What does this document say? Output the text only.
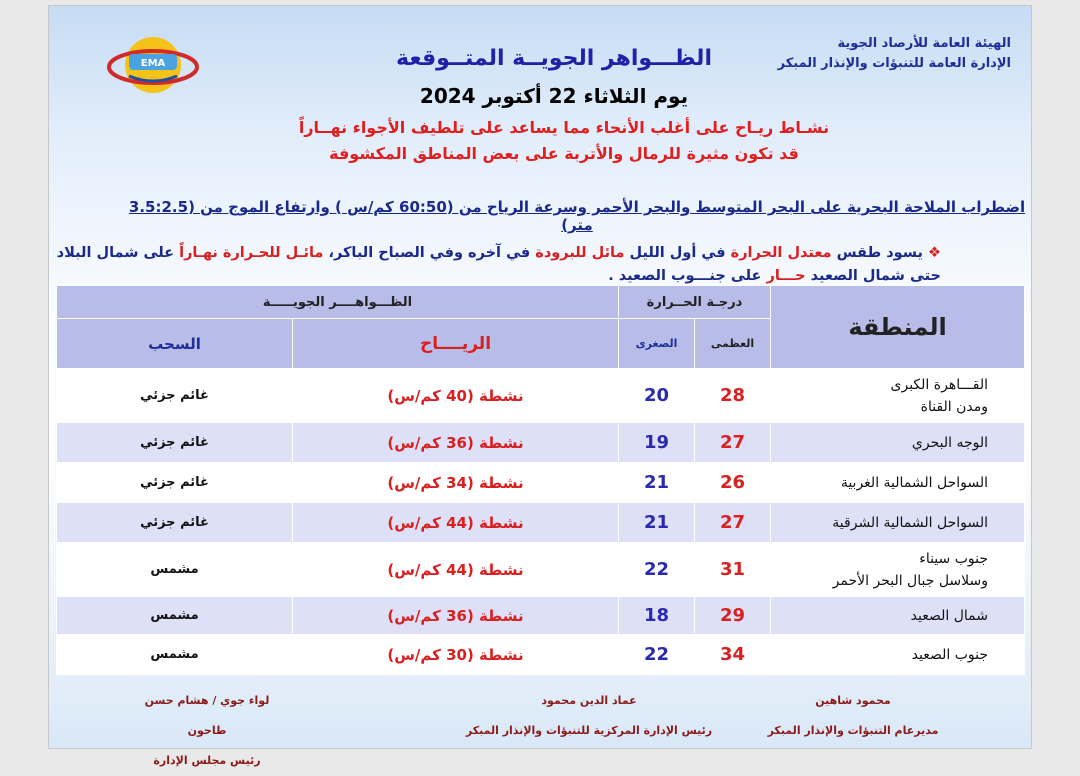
EMA
الهيئة العامة للأرصاد الجوية
الإدارة العامة للتنبؤات والإنذار المبكر
الظـــواهر الجويــة المتــوقعة
يوم الثلاثاء 22 أكتوبر 2024
نشـاط ريـاح على أغلب الأنحاء مما يساعد على تلطيف الأجواء نهــاراً
قد تكون مثيرة للرمال والأتربة على بعض المناطق المكشوفة
اضطراب الملاحة البحرية على البحر المتوسط والبحر الأحمر وسرعة الرياح من (60:50 كم/س ) وارتفاع الموج من (3.5:2.5 متر)
❖ يسود طقس معتدل الحرارة في أول الليل مائل للبرودة في آخره وفي الصباح الباكر، مائـل للحـرارة نهـاراً على شمال البلاد
حتى شمال الصعيد حـــار على جنـــوب الصعيد .
لواء جوي / هشام حسن طاحون
رئيس مجلس الإدارة
عماد الدين محمود
رئيس الإدارة المركزية للتنبؤات والإنذار المبكر
محمود شاهين
مديرعام التنبؤات والإنذار المبكر
المنطقة	درجـة الحــرارة		الظـــواهــــر الجويـــــة	
	العظمى	الصغرى	الريــــاح	السحب

القـــاهرة الكبرى
ومدن القناة	28	20	نشطة (40 كم/س)	غائم جزئي

الوجه البحري	27	19	نشطة (36 كم/س)	غائم جزئي

السواحل الشمالية الغربية	26	21	نشطة (34 كم/س)	غائم جزئي

السواحل الشمالية الشرقية	27	21	نشطة (44 كم/س)	غائم جزئي

جنوب سيناء
وسلاسل جبال البحر الأحمر	31	22	نشطة (44 كم/س)	مشمس

شمال الصعيد	29	18	نشطة (36 كم/س)	مشمس

جنوب الصعيد	34	22	نشطة (30 كم/س)	مشمس
